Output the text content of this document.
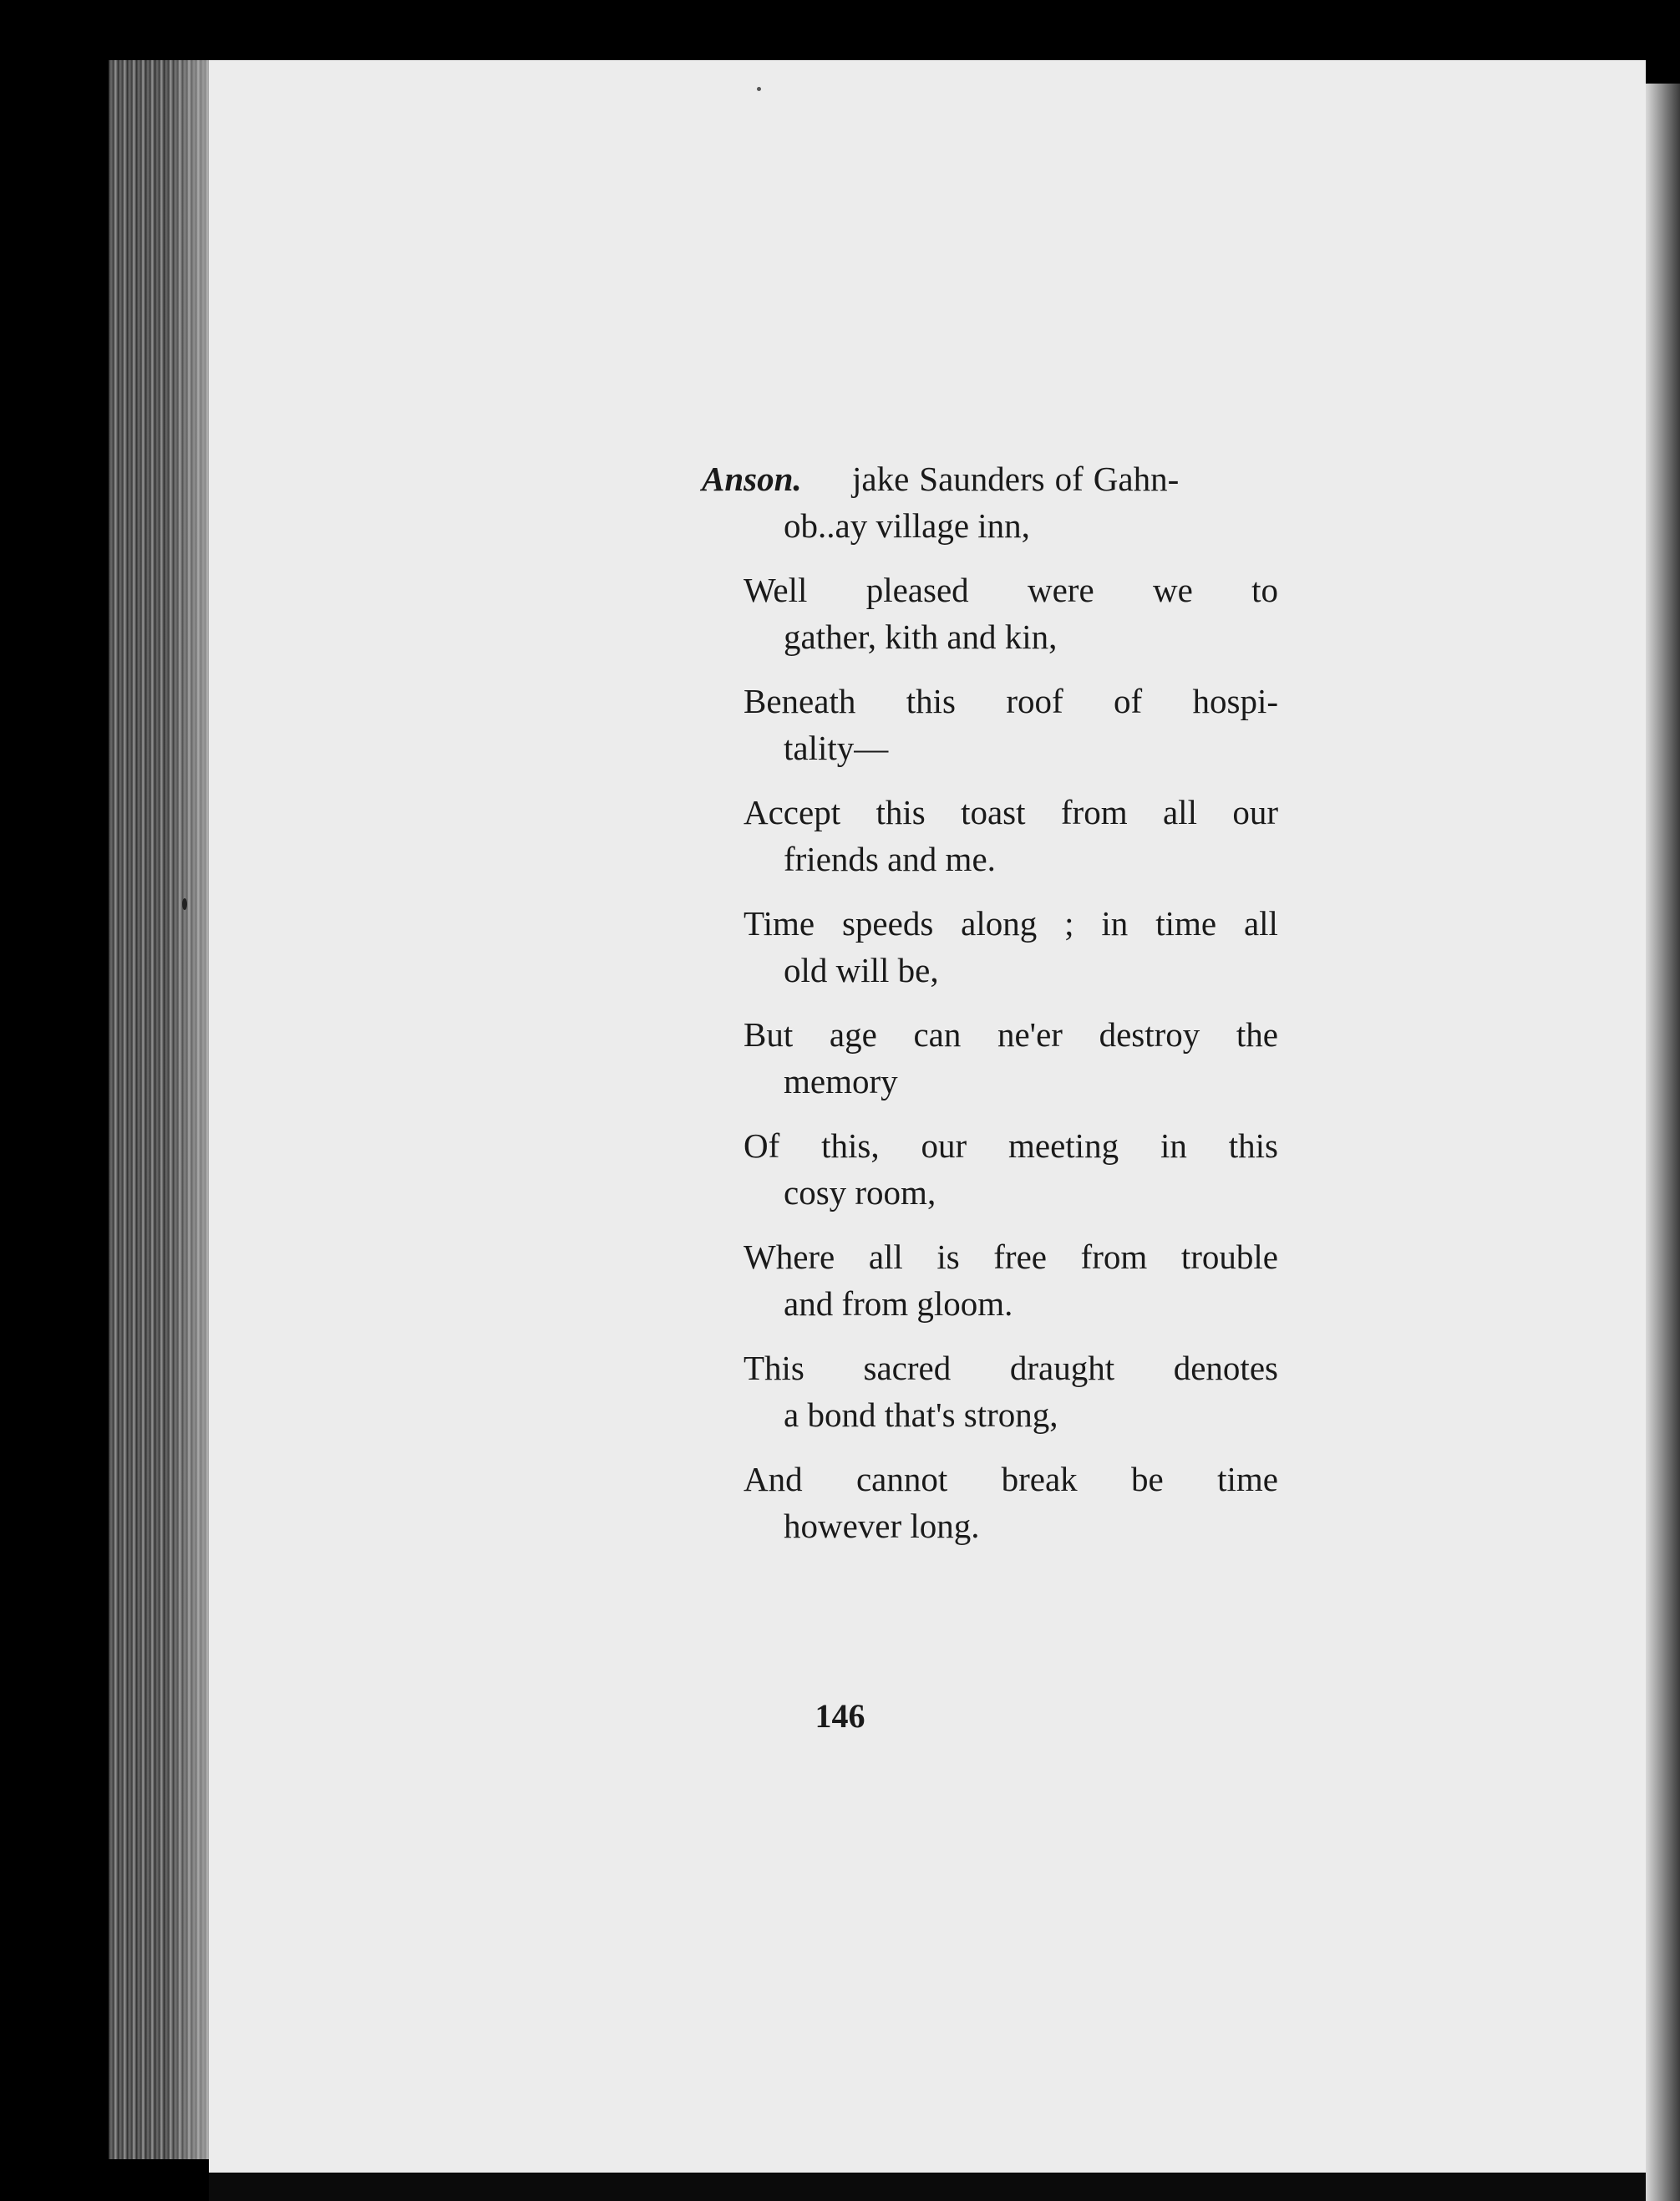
Anson. jake Saunders of Gahn-
ob..ay village inn,
Well pleased were we to
gather, kith and kin,
Beneath this roof of hospi-
tality—
Accept this toast from all our
friends and me.
Time speeds along ; in time all
old will be,
But age can ne'er destroy the
memory
Of this, our meeting in this
cosy room,
Where all is free from trouble
and from gloom.
This sacred draught denotes
a bond that's strong,
And cannot break be time
however long.
146
